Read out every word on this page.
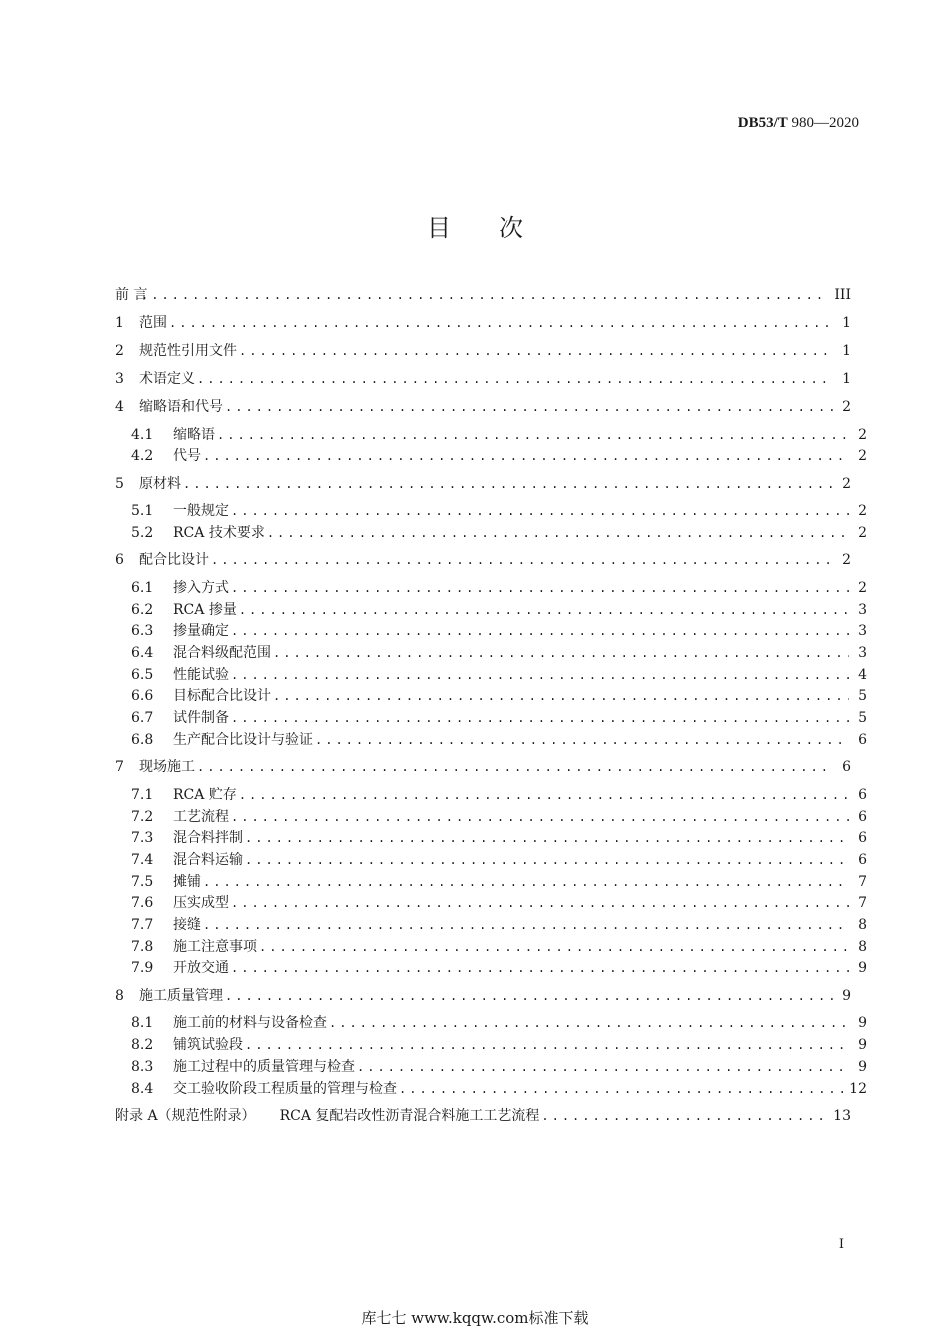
DB53/T 980—2020
目次
前 言 .....	III
1 范围 .....	1
2 规范性引用文件 .....	1
3 术语定义 .....	1
4 缩略语和代号 .....	2
4.1 缩略语 .....	2
4.2 代号 .....	2
5 原材料 .....	2
5.1 一般规定 .....	2
5.2 RCA 技术要求 .....	2
6 配合比设计 .....	2
6.1 掺入方式 .....	2
6.2 RCA 掺量 .....	3
6.3 掺量确定 .....	3
6.4 混合料级配范围 .....	3
6.5 性能试验 .....	4
6.6 目标配合比设计 .....	5
6.7 试件制备 .....	5
6.8 生产配合比设计与验证 .....	6
7 现场施工 .....	6
7.1 RCA 贮存 .....	6
7.2 工艺流程 .....	6
7.3 混合料拌制 .....	6
7.4 混合料运输 .....	6
7.5 摊铺 .....	7
7.6 压实成型 .....	7
7.7 接缝 .....	8
7.8 施工注意事项 .....	8
7.9 开放交通 .....	9
8 施工质量管理 .....	9
8.1 施工前的材料与设备检查 .....	9
8.2 铺筑试验段 .....	9
8.3 施工过程中的质量管理与检查 .....	9
8.4 交工验收阶段工程质量的管理与检查 .....	12
附录 A（规范性附录） RCA 复配岩改性沥青混合料施工工艺流程 .....	13
I
库七七 www.kqqw.com标准下载
